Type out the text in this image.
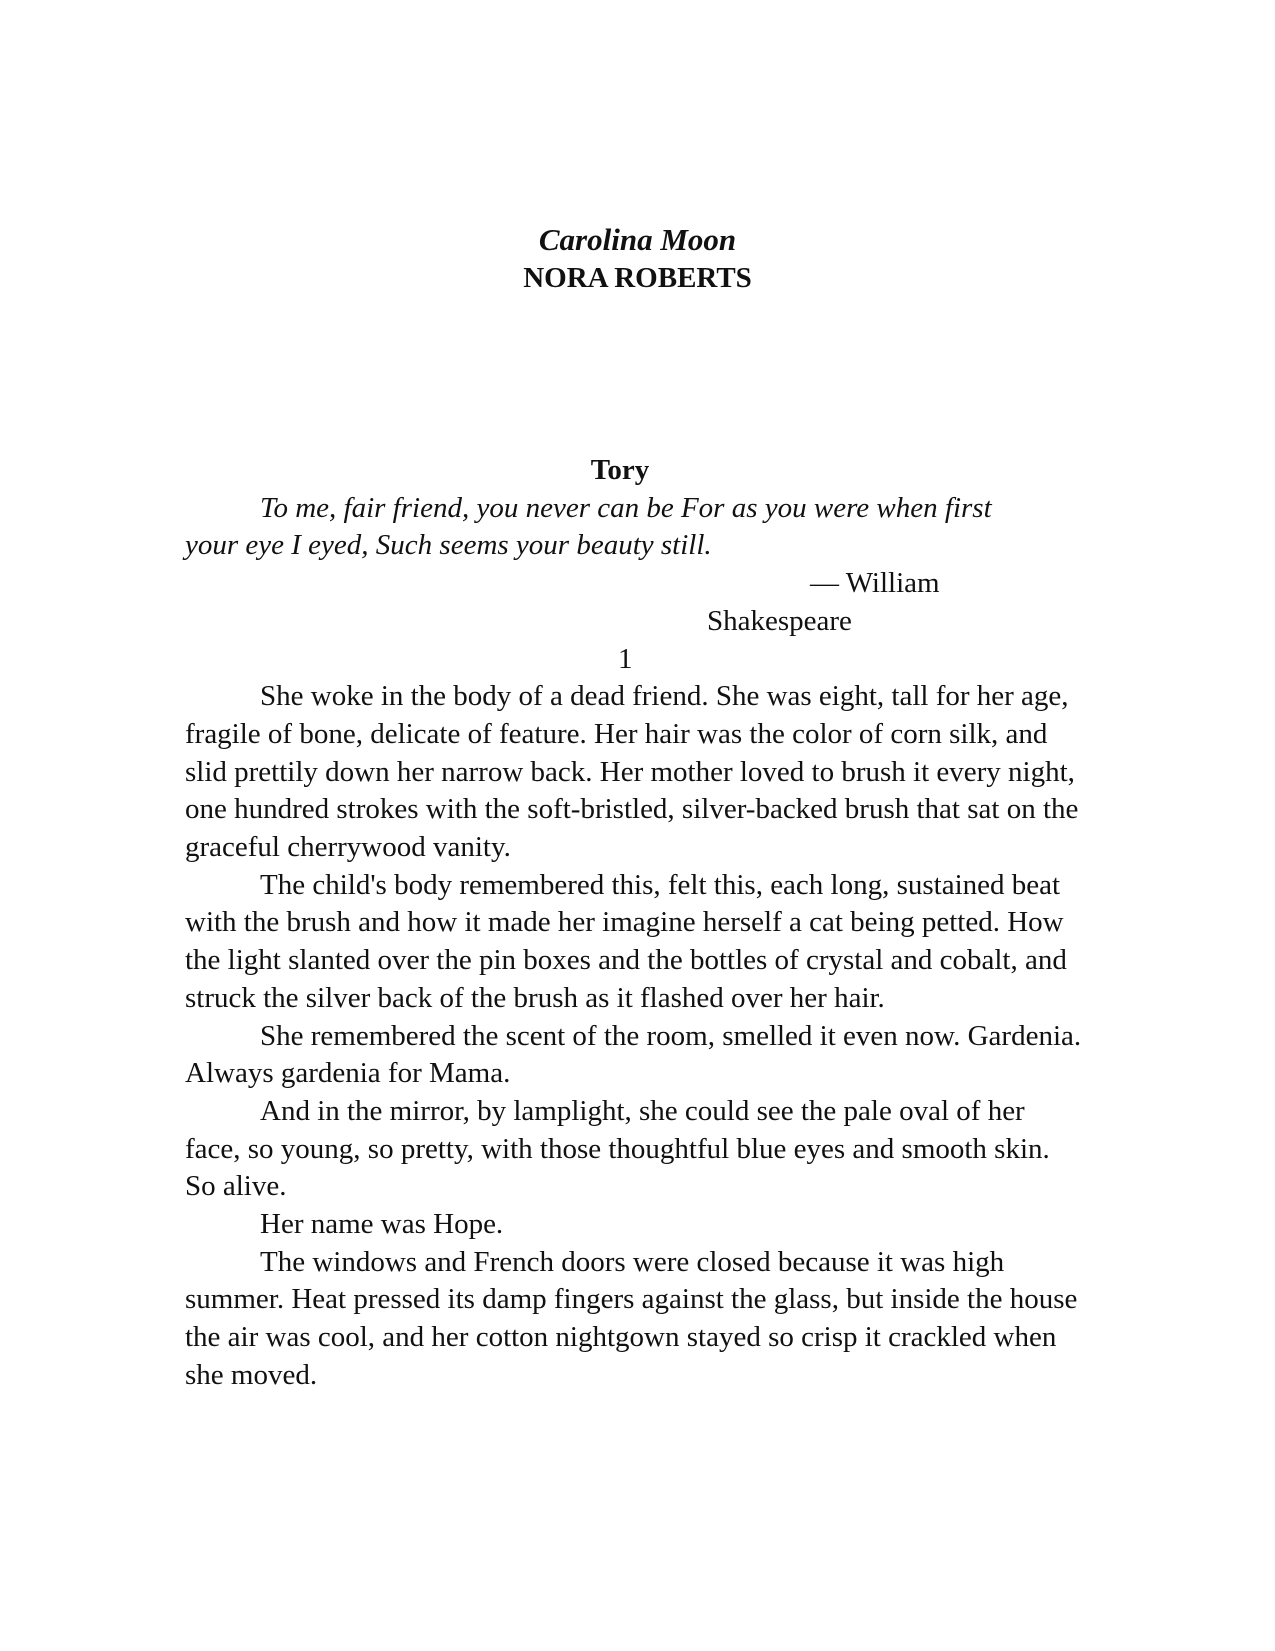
Carolina Moon

NORA ROBERTS

Tory

To me, fair friend, you never can be For as you were when first your eye I eyed, Such seems your beauty still.

— William
Shakespeare

1

She woke in the body of a dead friend. She was eight, tall for her age, fragile of bone, delicate of feature. Her hair was the color of corn silk, and slid prettily down her narrow back. Her mother loved to brush it every night, one hundred strokes with the soft-bristled, silver-backed brush that sat on the graceful cherrywood vanity.

The child's body remembered this, felt this, each long, sustained beat with the brush and how it made her imagine herself a cat being petted. How the light slanted over the pin boxes and the bottles of crystal and cobalt, and struck the silver back of the brush as it flashed over her hair.

She remembered the scent of the room, smelled it even now. Gardenia. Always gardenia for Mama.

And in the mirror, by lamplight, she could see the pale oval of her face, so young, so pretty, with those thoughtful blue eyes and smooth skin. So alive.

Her name was Hope.

The windows and French doors were closed because it was high summer. Heat pressed its damp fingers against the glass, but inside the house the air was cool, and her cotton nightgown stayed so crisp it crackled when she moved.
